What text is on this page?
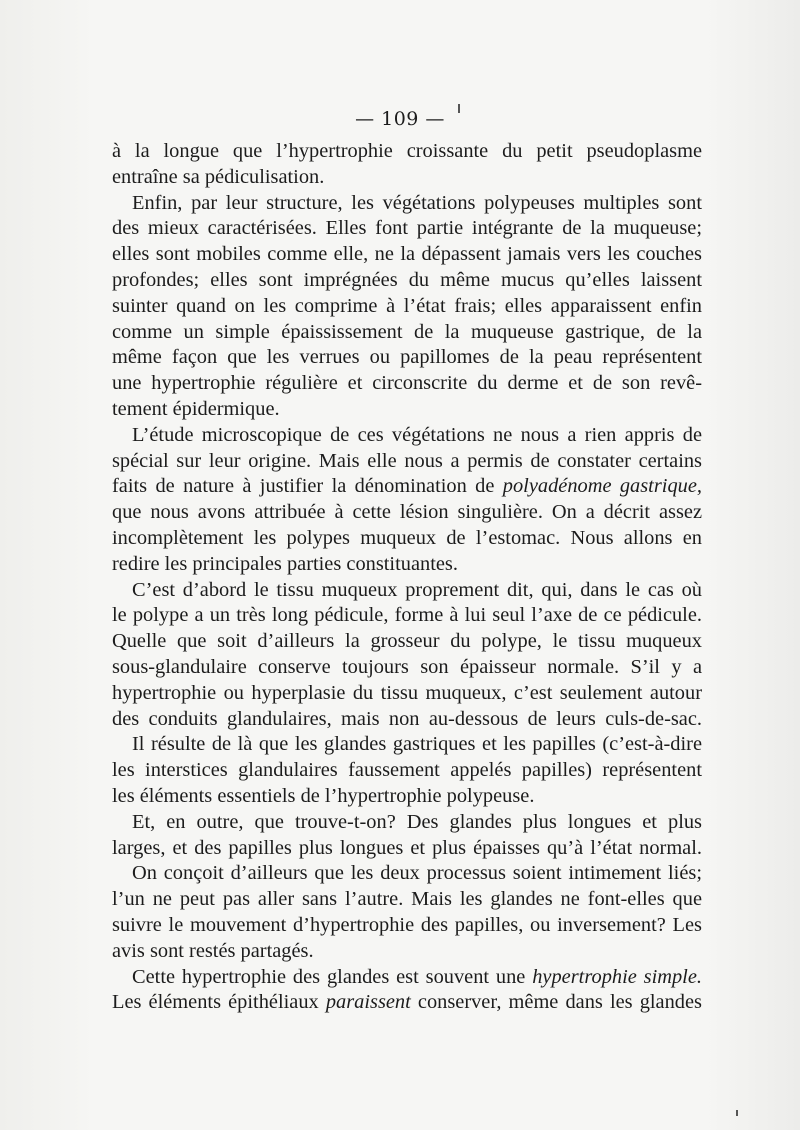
— 109 —
à la longue que l’hypertrophie croissante du petit pseudoplasme
entraîne sa pédiculisation.
Enfin, par leur structure, les végétations polypeuses multiples sont
des mieux caractérisées. Elles font partie intégrante de la muqueuse;
elles sont mobiles comme elle, ne la dépassent jamais vers les couches
profondes; elles sont imprégnées du même mucus qu’elles laissent
suinter quand on les comprime à l’état frais; elles apparaissent enfin
comme un simple épaississement de la muqueuse gastrique, de la
même façon que les verrues ou papillomes de la peau représentent
une hypertrophie régulière et circonscrite du derme et de son revê-
tement épidermique.
L’étude microscopique de ces végétations ne nous a rien appris de
spécial sur leur origine. Mais elle nous a permis de constater certains
faits de nature à justifier la dénomination de polyadénome gastrique,
que nous avons attribuée à cette lésion singulière. On a décrit assez
incomplètement les polypes muqueux de l’estomac. Nous allons en
redire les principales parties constituantes.
C’est d’abord le tissu muqueux proprement dit, qui, dans le cas où
le polype a un très long pédicule, forme à lui seul l’axe de ce pédicule.
Quelle que soit d’ailleurs la grosseur du polype, le tissu muqueux
sous-glandulaire conserve toujours son épaisseur normale. S’il y a
hypertrophie ou hyperplasie du tissu muqueux, c’est seulement autour
des conduits glandulaires, mais non au-dessous de leurs culs-de-sac.
Il résulte de là que les glandes gastriques et les papilles (c’est-à-dire
les interstices glandulaires faussement appelés papilles) représentent
les éléments essentiels de l’hypertrophie polypeuse.
Et, en outre, que trouve-t-on? Des glandes plus longues et plus
larges, et des papilles plus longues et plus épaisses qu’à l’état normal.
On conçoit d’ailleurs que les deux processus soient intimement liés;
l’un ne peut pas aller sans l’autre. Mais les glandes ne font-elles que
suivre le mouvement d’hypertrophie des papilles, ou inversement? Les
avis sont restés partagés.
Cette hypertrophie des glandes est souvent une hypertrophie simple.
Les éléments épithéliaux paraissent conserver, même dans les glandes
